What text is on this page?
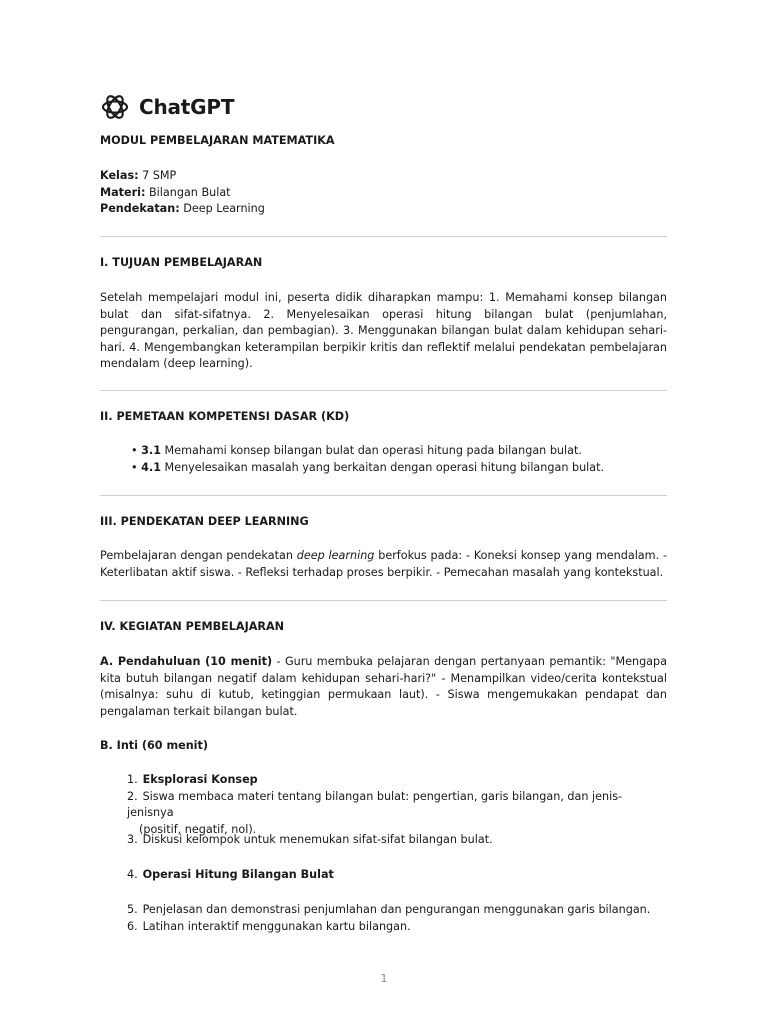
ChatGPT

MODUL PEMBELAJARAN MATEMATIKA

Kelas: 7 SMP

Materi: Bilangan Bulat

Pendekatan: Deep Learning

I. TUJUAN PEMBELAJARAN

Setelah mempelajari modul ini, peserta didik diharapkan mampu: 1. Memahami konsep bilangan bulat dan sifat-sifatnya. 2. Menyelesaikan operasi hitung bilangan bulat (penjumlahan, pengurangan, perkalian, dan pembagian). 3. Menggunakan bilangan bulat dalam kehidupan sehari-hari. 4. Mengembangkan keterampilan berpikir kritis dan reflektif melalui pendekatan pembelajaran mendalam (deep learning).

II. PEMETAAN KOMPETENSI DASAR (KD)

• 3.1 Memahami konsep bilangan bulat dan operasi hitung pada bilangan bulat.
• 4.1 Menyelesaikan masalah yang berkaitan dengan operasi hitung bilangan bulat.

III. PENDEKATAN DEEP LEARNING

Pembelajaran dengan pendekatan deep learning berfokus pada: - Koneksi konsep yang mendalam. - Keterlibatan aktif siswa. - Refleksi terhadap proses berpikir. - Pemecahan masalah yang kontekstual.

IV. KEGIATAN PEMBELAJARAN

A. Pendahuluan (10 menit) - Guru membuka pelajaran dengan pertanyaan pemantik: "Mengapa kita butuh bilangan negatif dalam kehidupan sehari-hari?" - Menampilkan video/cerita kontekstual (misalnya: suhu di kutub, ketinggian permukaan laut). - Siswa mengemukakan pendapat dan pengalaman terkait bilangan bulat.

B. Inti (60 menit)

1. Eksplorasi Konsep
2. Siswa membaca materi tentang bilangan bulat: pengertian, garis bilangan, dan jenis-jenisnya
(positif, negatif, nol).
3. Diskusi kelompok untuk menemukan sifat-sifat bilangan bulat.
4. Operasi Hitung Bilangan Bulat
5. Penjelasan dan demonstrasi penjumlahan dan pengurangan menggunakan garis bilangan.
6. Latihan interaktif menggunakan kartu bilangan.
1
